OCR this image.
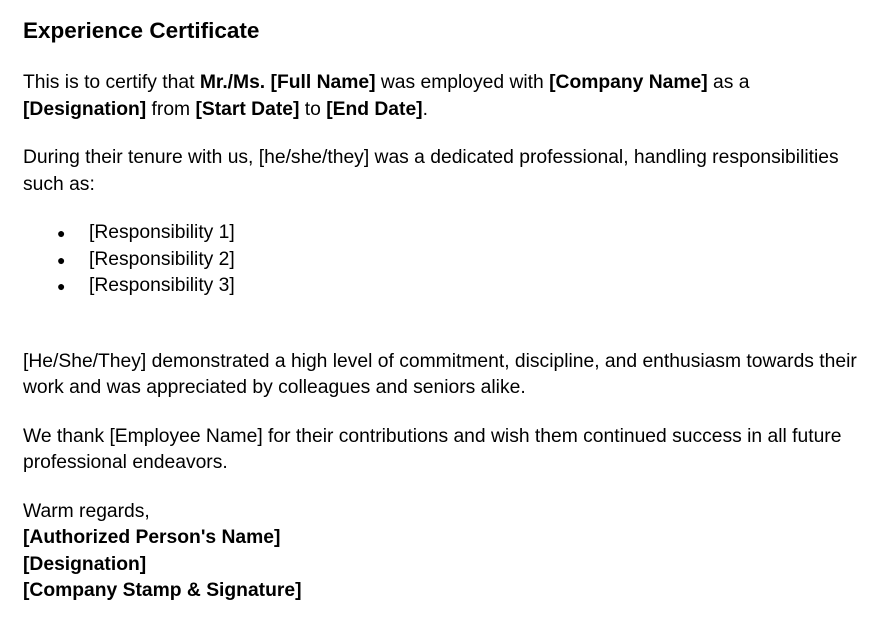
Experience Certificate

This is to certify that Mr./Ms. [Full Name] was employed with [Company Name] as a [Designation] from [Start Date] to [End Date].

During their tenure with us, [he/she/they] was a dedicated professional, handling responsibilities such as:

● [Responsibility 1]
● [Responsibility 2]
● [Responsibility 3]

[He/She/They] demonstrated a high level of commitment, discipline, and enthusiasm towards their work and was appreciated by colleagues and seniors alike.

We thank [Employee Name] for their contributions and wish them continued success in all future professional endeavors.

Warm regards,
[Authorized Person's Name]
[Designation]
[Company Stamp & Signature]
